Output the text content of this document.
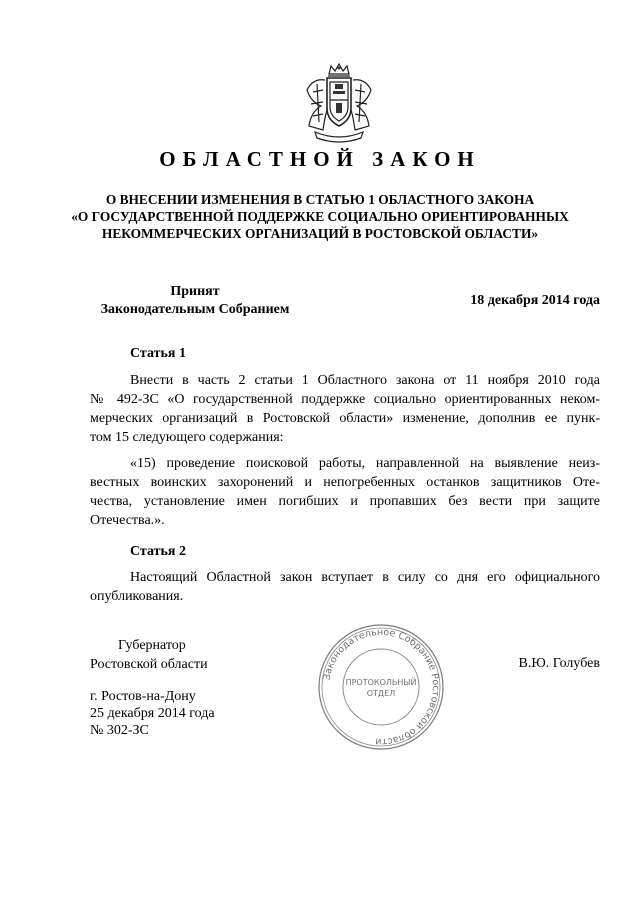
ОБЛАСТНОЙ ЗАКОН
О ВНЕСЕНИИ ИЗМЕНЕНИЯ В СТАТЬЮ 1 ОБЛАСТНОГО ЗАКОНА
«О ГОСУДАРСТВЕННОЙ ПОДДЕРЖКЕ СОЦИАЛЬНО ОРИЕНТИРОВАННЫХ
НЕКОММЕРЧЕСКИХ ОРГАНИЗАЦИЙ В РОСТОВСКОЙ ОБЛАСТИ»
Принят
Законодательным Собранием
18 декабря 2014 года
Статья 1
Внести в часть 2 статьи 1 Областного закона от 11 ноября 2010 года
№ 492-ЗС «О государственной поддержке социально ориентированных неком-
мерческих организаций в Ростовской области» изменение, дополнив ее пунк-
том 15 следующего содержания:
«15) проведение поисковой работы, направленной на выявление неиз-
вестных воинских захоронений и непогребенных останков защитников Оте-
чества, установление имен погибших и пропавших без вести при защите
Отечества.».
Статья 2
Настоящий Областной закон вступает в силу со дня его официального
опубликования.
Губернатор
Ростовской области	В.Ю. Голубев
г. Ростов-на-Дону
25 декабря 2014 года
№ 302-ЗС
Законодательное Собрание Ростовской области
ПРОТОКОЛЬНЫЙ
ОТДЕЛ
